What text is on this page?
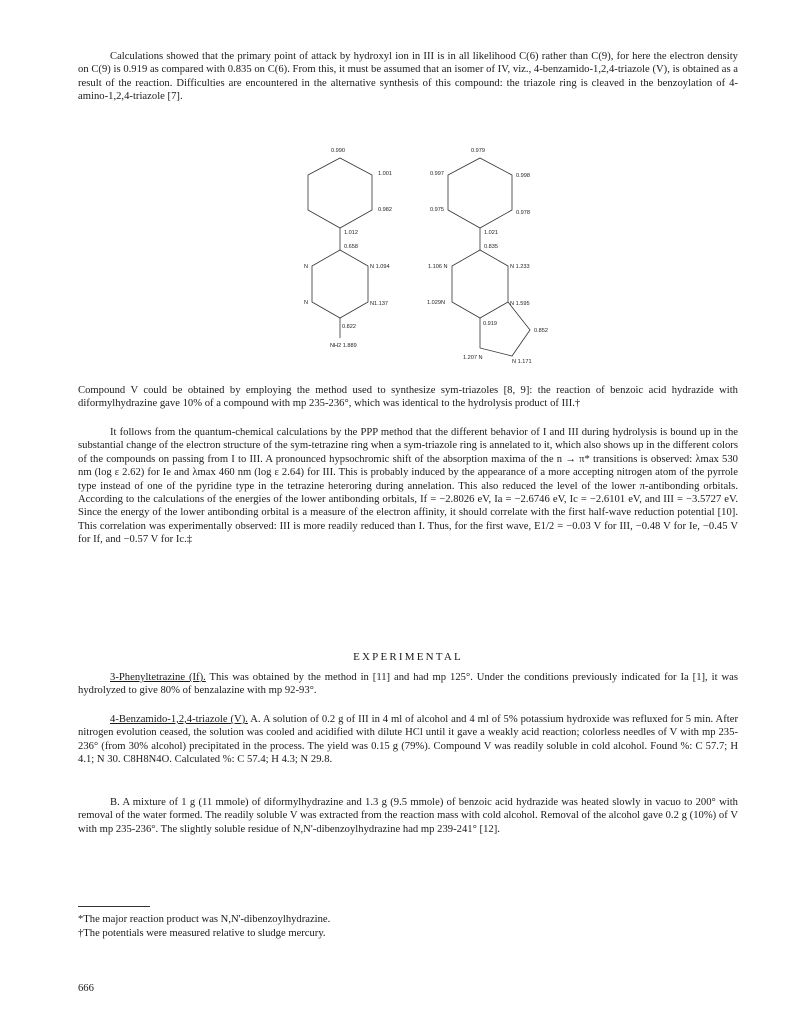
Calculations showed that the primary point of attack by hydroxyl ion in III is in all likelihood C(6) rather than C(9), for here the electron density on C(9) is 0.919 as compared with 0.835 on C(6). From this, it must be assumed that an isomer of IV, viz., 4-benzamido-1,2,4-triazole (V), is obtained as a result of the reaction. Difficulties are encountered in the alternative synthesis of this compound: the triazole ring is cleaved in the benzoylation of 4-amino-1,2,4-triazole [7].

0.990
1.001
0.982
1.012
0.658
N	N 1.094
N	N1.137
0.822
NH2 1.889
0.979
0.997	0.998
0.975	0.978
1.021
0.835
1.106 N	N 1.233
1.029N	N 1.595
0.919
0.852
1.207 N
N 1.171

Compound V could be obtained by employing the method used to synthesize sym-triazoles [8, 9]: the reaction of benzoic acid hydrazide with diformylhydrazine gave 10% of a compound with mp 235-236°, which was identical to the hydrolysis product of III.†

It follows from the quantum-chemical calculations by the PPP method that the different behavior of I and III during hydrolysis is bound up in the substantial change of the electron structure of the sym-tetrazine ring when a sym-triazole ring is annelated to it, which also shows up in the different colors of the compounds on passing from I to III. A pronounced hypsochromic shift of the absorption maxima of the n → π* transitions is observed: λmax 530 nm (log ε 2.62) for Ie and λmax 460 nm (log ε 2.64) for III. This is probably induced by the appearance of a more accepting nitrogen atom of the pyrrole type instead of one of the pyridine type in the tetrazine heteroring during annelation. This also reduced the level of the lower π-antibonding orbitals. According to the calculations of the energies of the lower antibonding orbitals, If = −2.8026 eV, Ia = −2.6746 eV, Ic = −2.6101 eV, and III = −3.5727 eV. Since the energy of the lower antibonding orbital is a measure of the electron affinity, it should correlate with the first half-wave reduction potential [10]. This correlation was experimentally observed: III is more readily reduced than I. Thus, for the first wave, E1/2 = −0.03 V for III, −0.48 V for Ie, −0.45 V for If, and −0.57 V for Ic.‡

EXPERIMENTAL

3-Phenyltetrazine (If). This was obtained by the method in [11] and had mp 125°. Under the conditions previously indicated for Ia [1], it was hydrolyzed to give 80% of benzalazine with mp 92-93°.

4-Benzamido-1,2,4-triazole (V). A. A solution of 0.2 g of III in 4 ml of alcohol and 4 ml of 5% potassium hydroxide was refluxed for 5 min. After nitrogen evolution ceased, the solution was cooled and acidified with dilute HCl until it gave a weakly acid reaction; colorless needles of V with mp 235-236° (from 30% alcohol) precipitated in the process. The yield was 0.15 g (79%). Compound V was readily soluble in cold alcohol. Found %: C 57.7; H 4.1; N 30. C8H8N4O. Calculated %: C 57.4; H 4.3; N 29.8.

B. A mixture of 1 g (11 mmole) of diformylhydrazine and 1.3 g (9.5 mmole) of benzoic acid hydrazide was heated slowly in vacuo to 200° with removal of the water formed. The readily soluble V was extracted from the reaction mass with cold alcohol. Removal of the alcohol gave 0.2 g (10%) of V with mp 235-236°. The slightly soluble residue of N,N'-dibenzoylhydrazine had mp 239-241° [12].

*The major reaction product was N,N'-dibenzoylhydrazine.
†The potentials were measured relative to sludge mercury.
666
